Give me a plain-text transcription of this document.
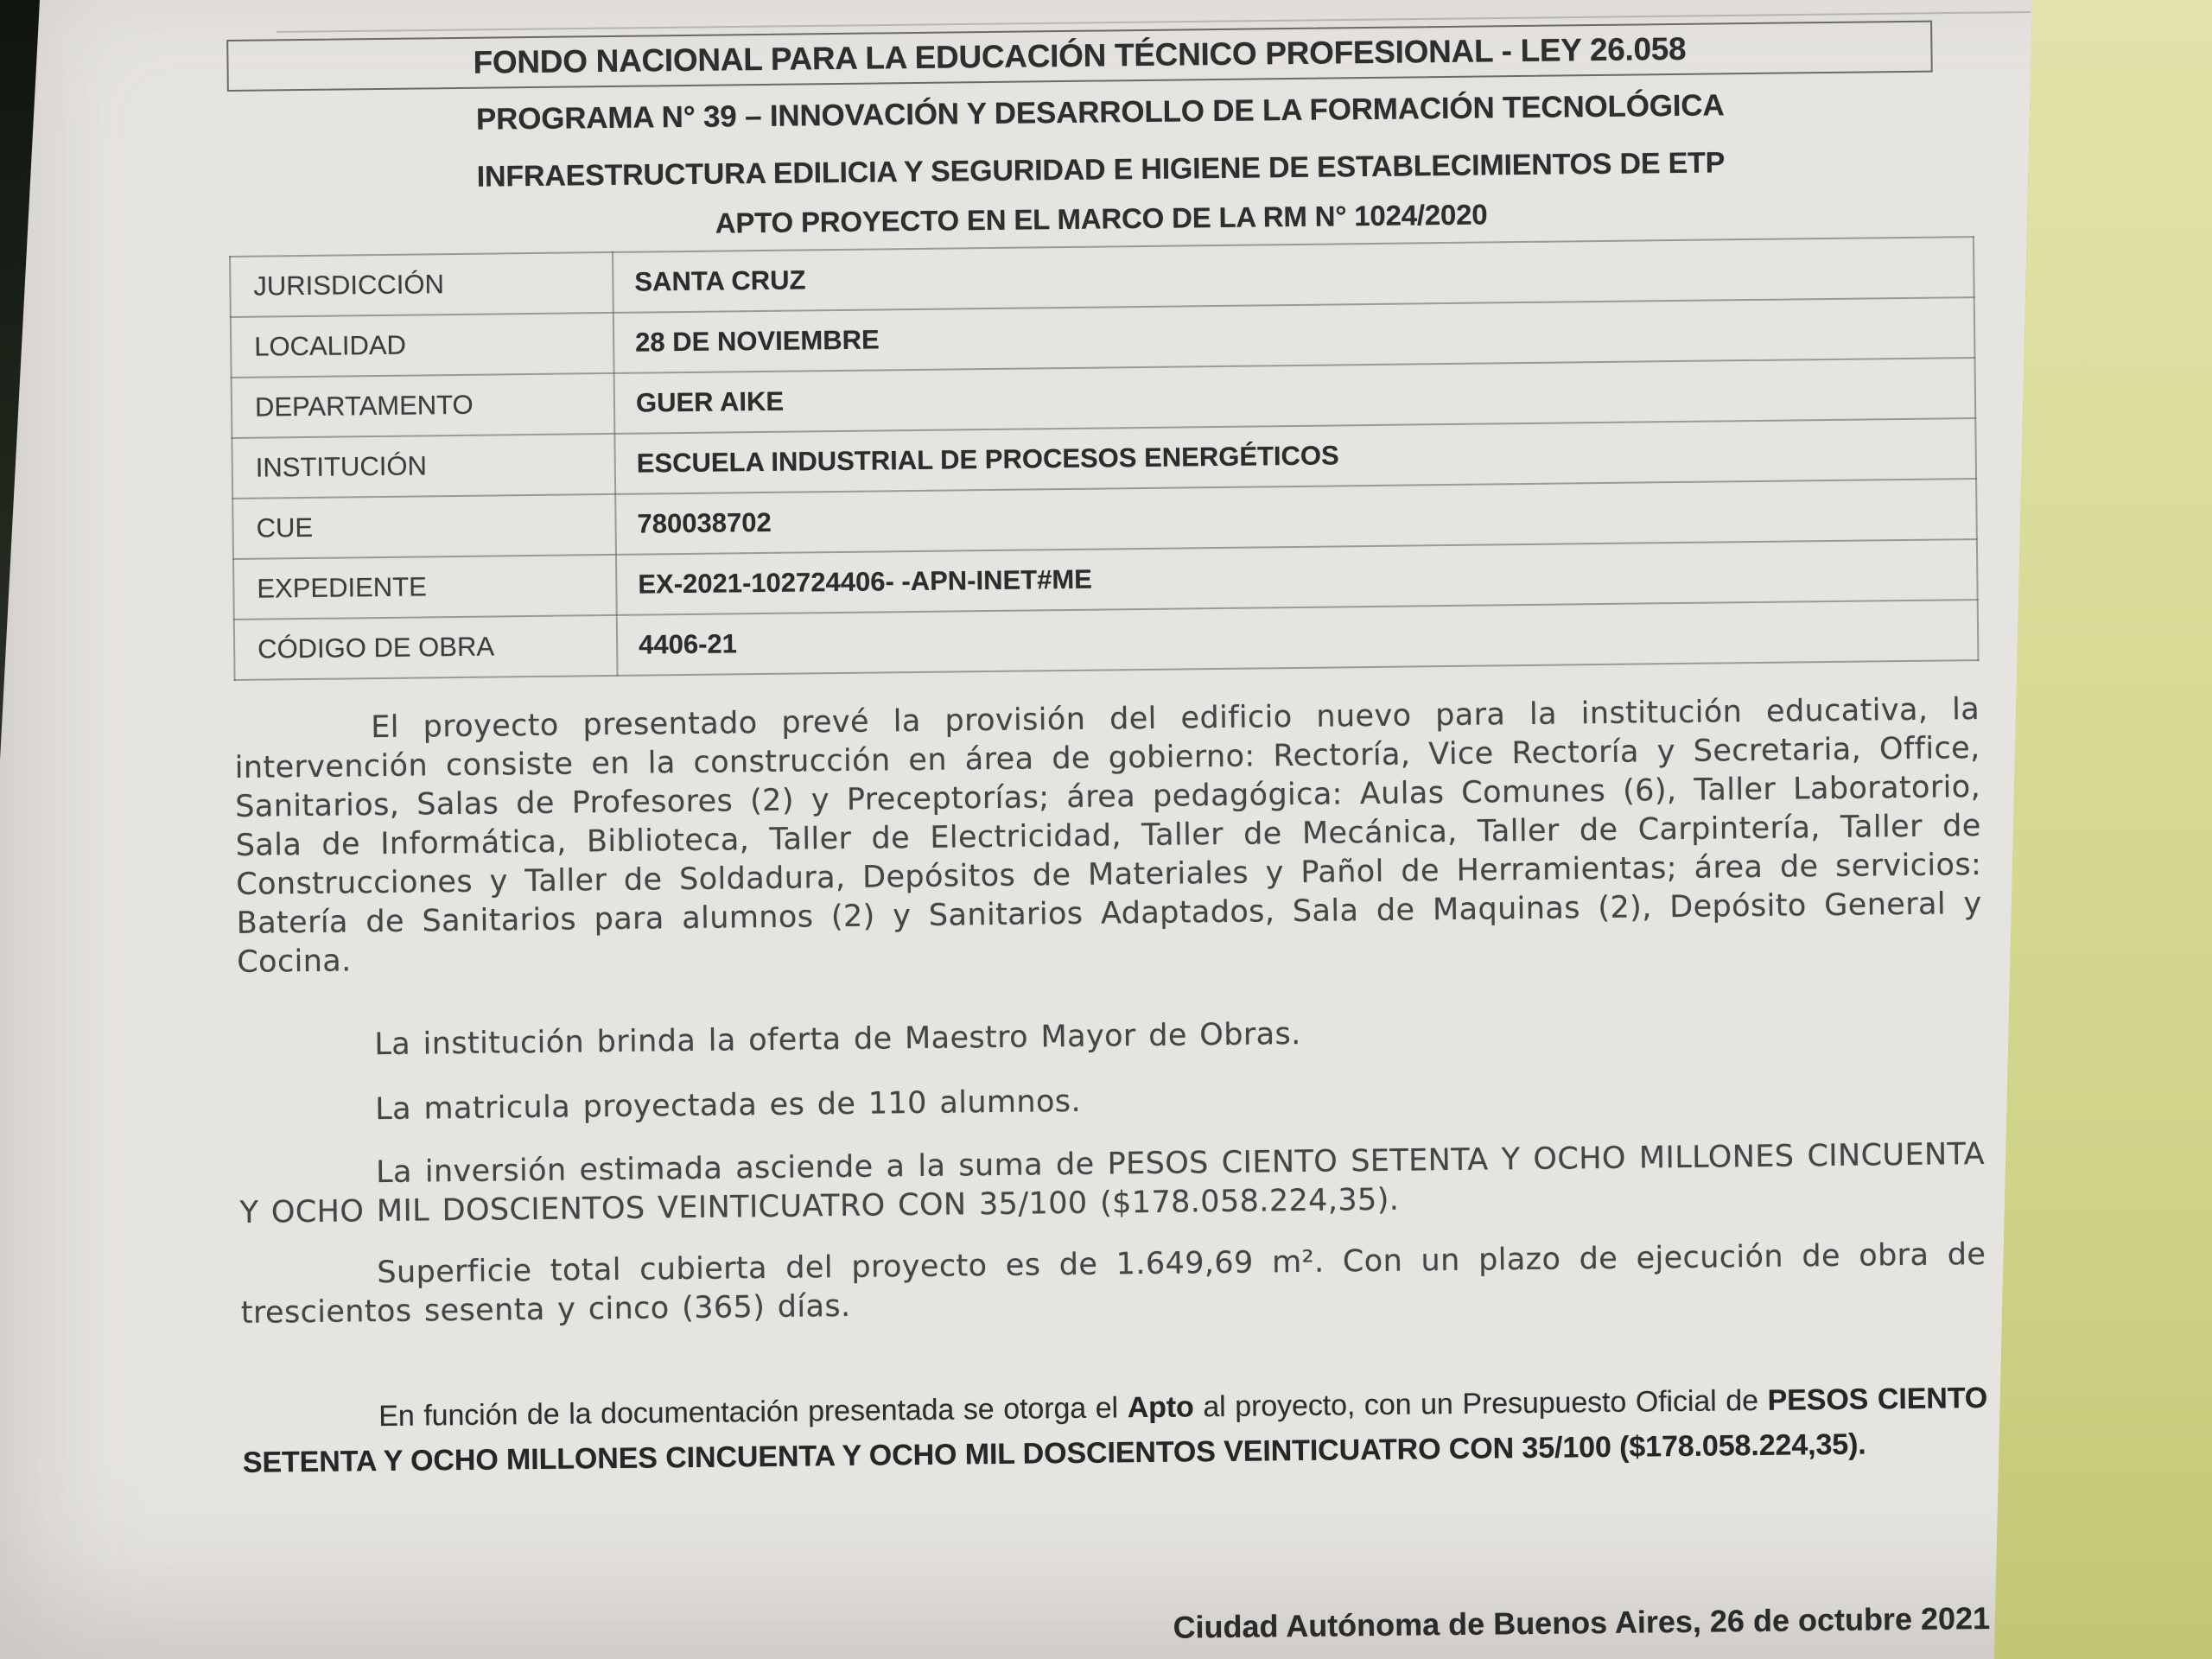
FONDO NACIONAL PARA LA EDUCACIÓN TÉCNICO PROFESIONAL - LEY 26.058
PROGRAMA N° 39 – INNOVACIÓN Y DESARROLLO DE LA FORMACIÓN TECNOLÓGICA
INFRAESTRUCTURA EDILICIA Y SEGURIDAD E HIGIENE DE ESTABLECIMIENTOS DE ETP
APTO PROYECTO EN EL MARCO DE LA RM N° 1024/2020
JURISDICCIÓN	SANTA CRUZ
LOCALIDAD	28 DE NOVIEMBRE
DEPARTAMENTO	GUER AIKE
INSTITUCIÓN	ESCUELA INDUSTRIAL DE PROCESOS ENERGÉTICOS
CUE	780038702
EXPEDIENTE	EX-2021-102724406- -APN-INET#ME
CÓDIGO DE OBRA	4406-21

El proyecto presentado prevé la provisión del edificio nuevo para la institución educativa, la intervención consiste en la construcción en área de gobierno: Rectoría, Vice Rectoría y Secretaria, Office, Sanitarios, Salas de Profesores (2) y Preceptorías; área pedagógica: Aulas Comunes (6), Taller Laboratorio, Sala de Informática, Biblioteca, Taller de Electricidad, Taller de Mecánica, Taller de Carpintería, Taller de Construcciones y Taller de Soldadura, Depósitos de Materiales y Pañol de Herramientas; área de servicios: Batería de Sanitarios para alumnos (2) y Sanitarios Adaptados, Sala de Maquinas (2), Depósito General y Cocina.

La institución brinda la oferta de Maestro Mayor de Obras.

La matricula proyectada es de 110 alumnos.

La inversión estimada asciende a la suma de PESOS CIENTO SETENTA Y OCHO MILLONES CINCUENTA Y OCHO MIL DOSCIENTOS VEINTICUATRO CON 35/100 ($178.058.224,35).

Superficie total cubierta del proyecto es de 1.649,69 m². Con un plazo de ejecución de obra de trescientos sesenta y cinco (365) días.

En función de la documentación presentada se otorga el Apto al proyecto, con un Presupuesto Oficial de PESOS CIENTO SETENTA Y OCHO MILLONES CINCUENTA Y OCHO MIL DOSCIENTOS VEINTICUATRO CON 35/100 ($178.058.224,35).

Ciudad Autónoma de Buenos Aires, 26 de octubre 2021
